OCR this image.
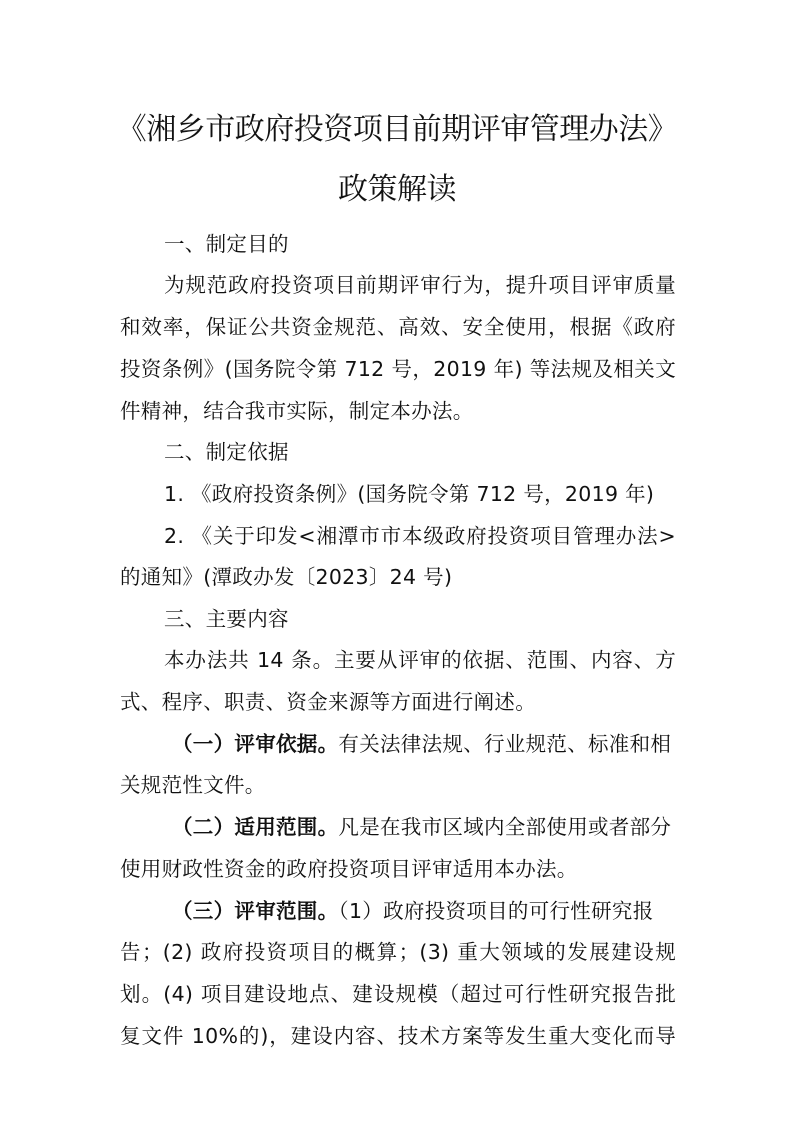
《湘乡市政府投资项目前期评审管理办法》
政策解读
一、制定目的
为规范政府投资项目前期评审行为，提升项目评审质量
和效率，保证公共资金规范、高效、安全使用，根据《政府
投资条例》(国务院令第 712 号，2019 年) 等法规及相关文
件精神，结合我市实际，制定本办法。
二、制定依据
1. 《政府投资条例》(国务院令第 712 号，2019 年)
2. 《关于印发<湘潭市市本级政府投资项目管理办法>
的通知》(潭政办发〔2023〕24 号)
三、主要内容
本办法共 14 条。主要从评审的依据、范围、内容、方
式、程序、职责、资金来源等方面进行阐述。
（一）评审依据。有关法律法规、行业规范、标准和相
关规范性文件。
（二）适用范围。凡是在我市区域内全部使用或者部分
使用财政性资金的政府投资项目评审适用本办法。
（三）评审范围。（1）政府投资项目的可行性研究报
告；(2) 政府投资项目的概算；(3) 重大领域的发展建设规
划。(4) 项目建设地点、建设规模（超过可行性研究报告批
复文件 10%的)，建设内容、技术方案等发生重大变化而导
